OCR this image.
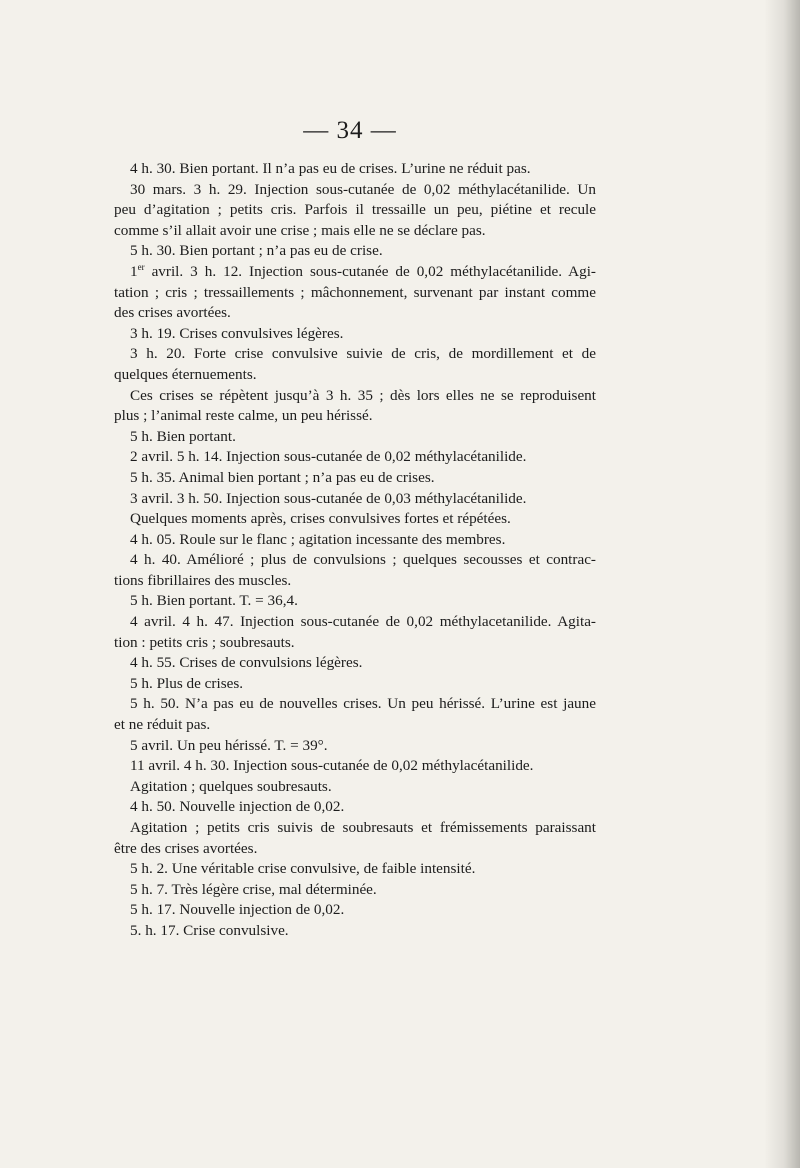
— 34 —
4 h. 30. Bien portant. Il n’a pas eu de crises. L’urine ne réduit pas.
30 mars. 3 h. 29. Injection sous-cutanée de 0,02 méthylacétanilide. Un
peu d’agitation ; petits cris. Parfois il tressaille un peu, piétine et recule
comme s’il allait avoir une crise ; mais elle ne se déclare pas.
5 h. 30. Bien portant ; n’a pas eu de crise.
1er avril. 3 h. 12. Injection sous-cutanée de 0,02 méthylacétanilide. Agi-
tation ; cris ; tressaillements ; mâchonnement, survenant par instant comme
des crises avortées.
3 h. 19. Crises convulsives légères.
3 h. 20. Forte crise convulsive suivie de cris, de mordillement et de
quelques éternuements.
Ces crises se répètent jusqu’à 3 h. 35 ; dès lors elles ne se reproduisent
plus ; l’animal reste calme, un peu hérissé.
5 h. Bien portant.
2 avril. 5 h. 14. Injection sous-cutanée de 0,02 méthylacétanilide.
5 h. 35. Animal bien portant ; n’a pas eu de crises.
3 avril. 3 h. 50. Injection sous-cutanée de 0,03 méthylacétanilide.
Quelques moments après, crises convulsives fortes et répétées.
4 h. 05. Roule sur le flanc ; agitation incessante des membres.
4 h. 40. Amélioré ; plus de convulsions ; quelques secousses et contrac-
tions fibrillaires des muscles.
5 h. Bien portant. T. = 36,4.
4 avril. 4 h. 47. Injection sous-cutanée de 0,02 méthylacetanilide. Agita-
tion : petits cris ; soubresauts.
4 h. 55. Crises de convulsions légères.
5 h. Plus de crises.
5 h. 50. N’a pas eu de nouvelles crises. Un peu hérissé. L’urine est jaune
et ne réduit pas.
5 avril. Un peu hérissé. T. = 39°.
11 avril. 4 h. 30. Injection sous-cutanée de 0,02 méthylacétanilide.
Agitation ; quelques soubresauts.
4 h. 50. Nouvelle injection de 0,02.
Agitation ; petits cris suivis de soubresauts et frémissements paraissant
être des crises avortées.
5 h. 2. Une véritable crise convulsive, de faible intensité.
5 h. 7. Très légère crise, mal déterminée.
5 h. 17. Nouvelle injection de 0,02.
5. h. 17. Crise convulsive.
